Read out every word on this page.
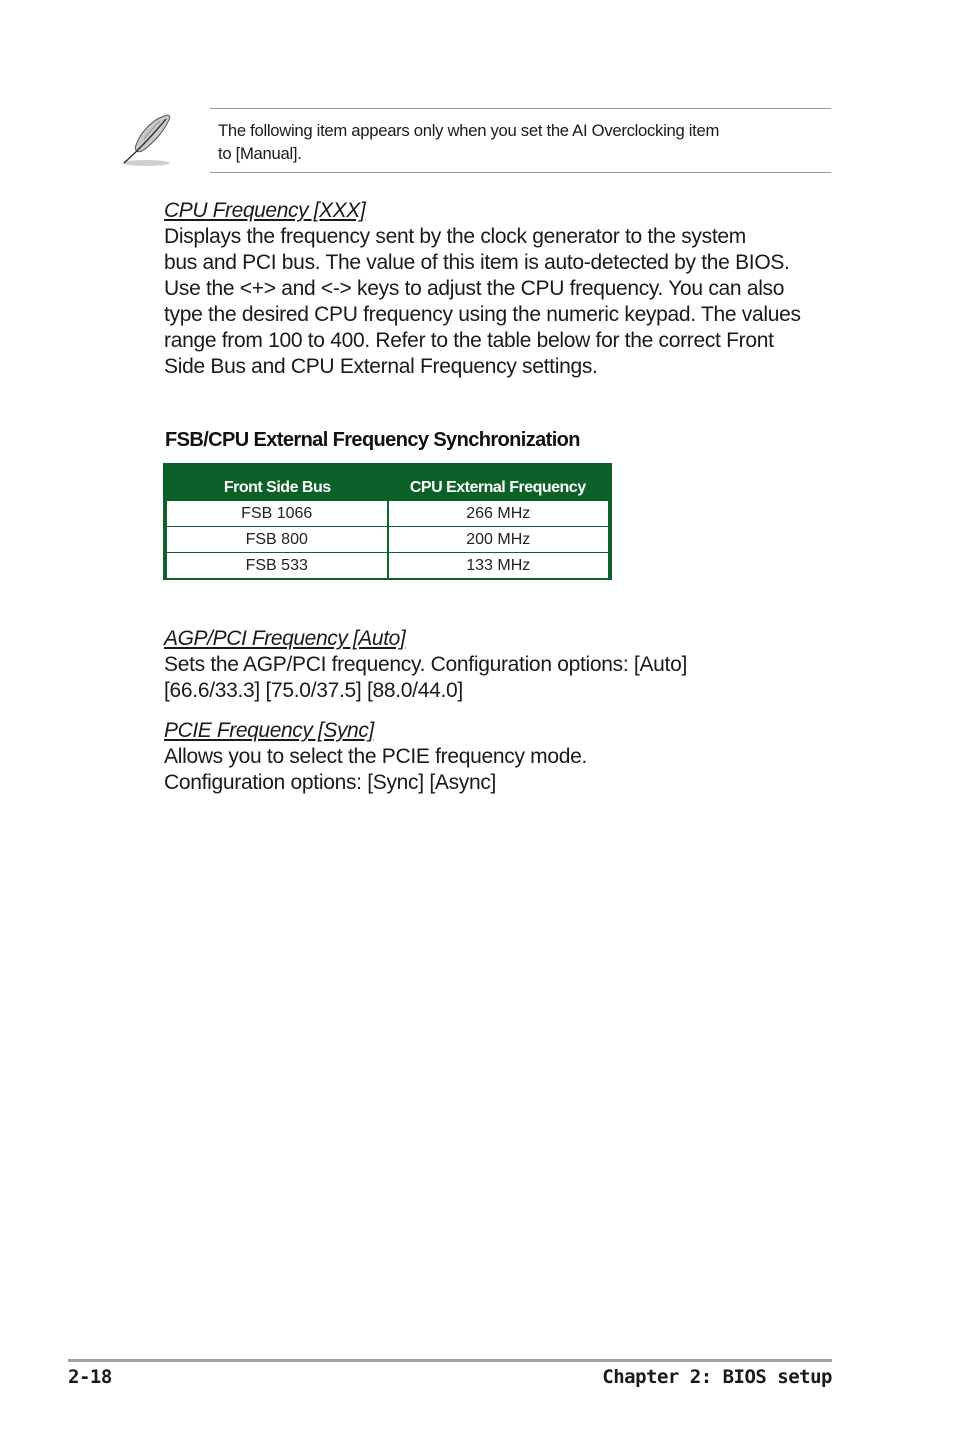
The following item appears only when you set the AI Overclocking item
to [Manual].
CPU Frequency [XXX]
Displays the frequency sent by the clock generator to the system
bus and PCI bus. The value of this item is auto-detected by the BIOS.
Use the <+> and <-> keys to adjust the CPU frequency. You can also
type the desired CPU frequency using the numeric keypad. The values
range from 100 to 400. Refer to the table below for the correct Front
Side Bus and CPU External Frequency settings.
FSB/CPU External Frequency Synchronization
Front Side Bus	CPU External Frequency
FSB 1066	266 MHz
FSB 800	200 MHz
FSB 533	133 MHz
AGP/PCI Frequency [Auto]
Sets the AGP/PCI frequency. Configuration options: [Auto]
[66.6/33.3] [75.0/37.5] [88.0/44.0]
PCIE Frequency [Sync]
Allows you to select the PCIE frequency mode.
Configuration options: [Sync] [Async]
2-18	Chapter 2: BIOS setup
